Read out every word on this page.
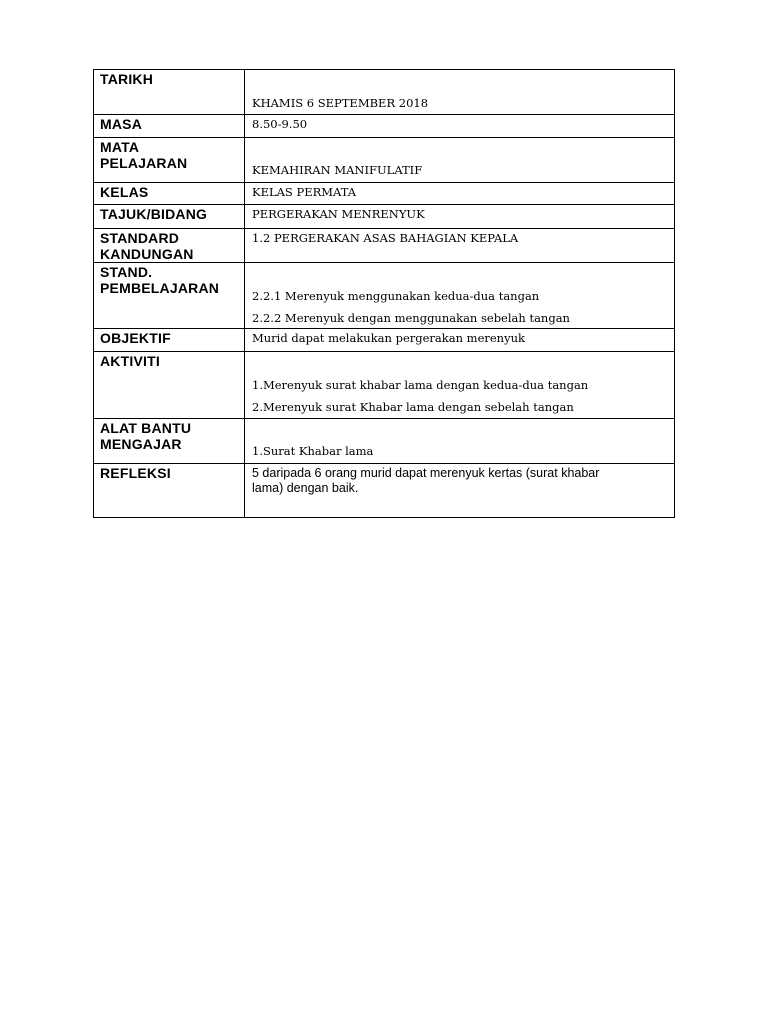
TARIKH	KHAMIS 6 SEPTEMBER 2018

MASA	8.50-9.50

MATA
PELAJARAN	KEMAHIRAN MANIFULATIF

KELAS	KELAS PERMATA

TAJUK/BIDANG	PERGERAKAN MENRENYUK

STANDARD
KANDUNGAN	1.2 PERGERAKAN ASAS BAHAGIAN KEPALA

STAND.
PEMBELAJARAN	2.2.1 Merenyuk menggunakan kedua-dua tangan
2.2.2 Merenyuk dengan menggunakan sebelah tangan

OBJEKTIF	Murid dapat melakukan pergerakan merenyuk

AKTIVITI	1.Merenyuk surat khabar lama dengan kedua-dua tangan
2.Merenyuk surat Khabar lama dengan sebelah tangan

ALAT BANTU
MENGAJAR	1.Surat Khabar lama

REFLEKSI	5 daripada 6 orang murid dapat merenyuk kertas (surat khabar
lama) dengan baik.
